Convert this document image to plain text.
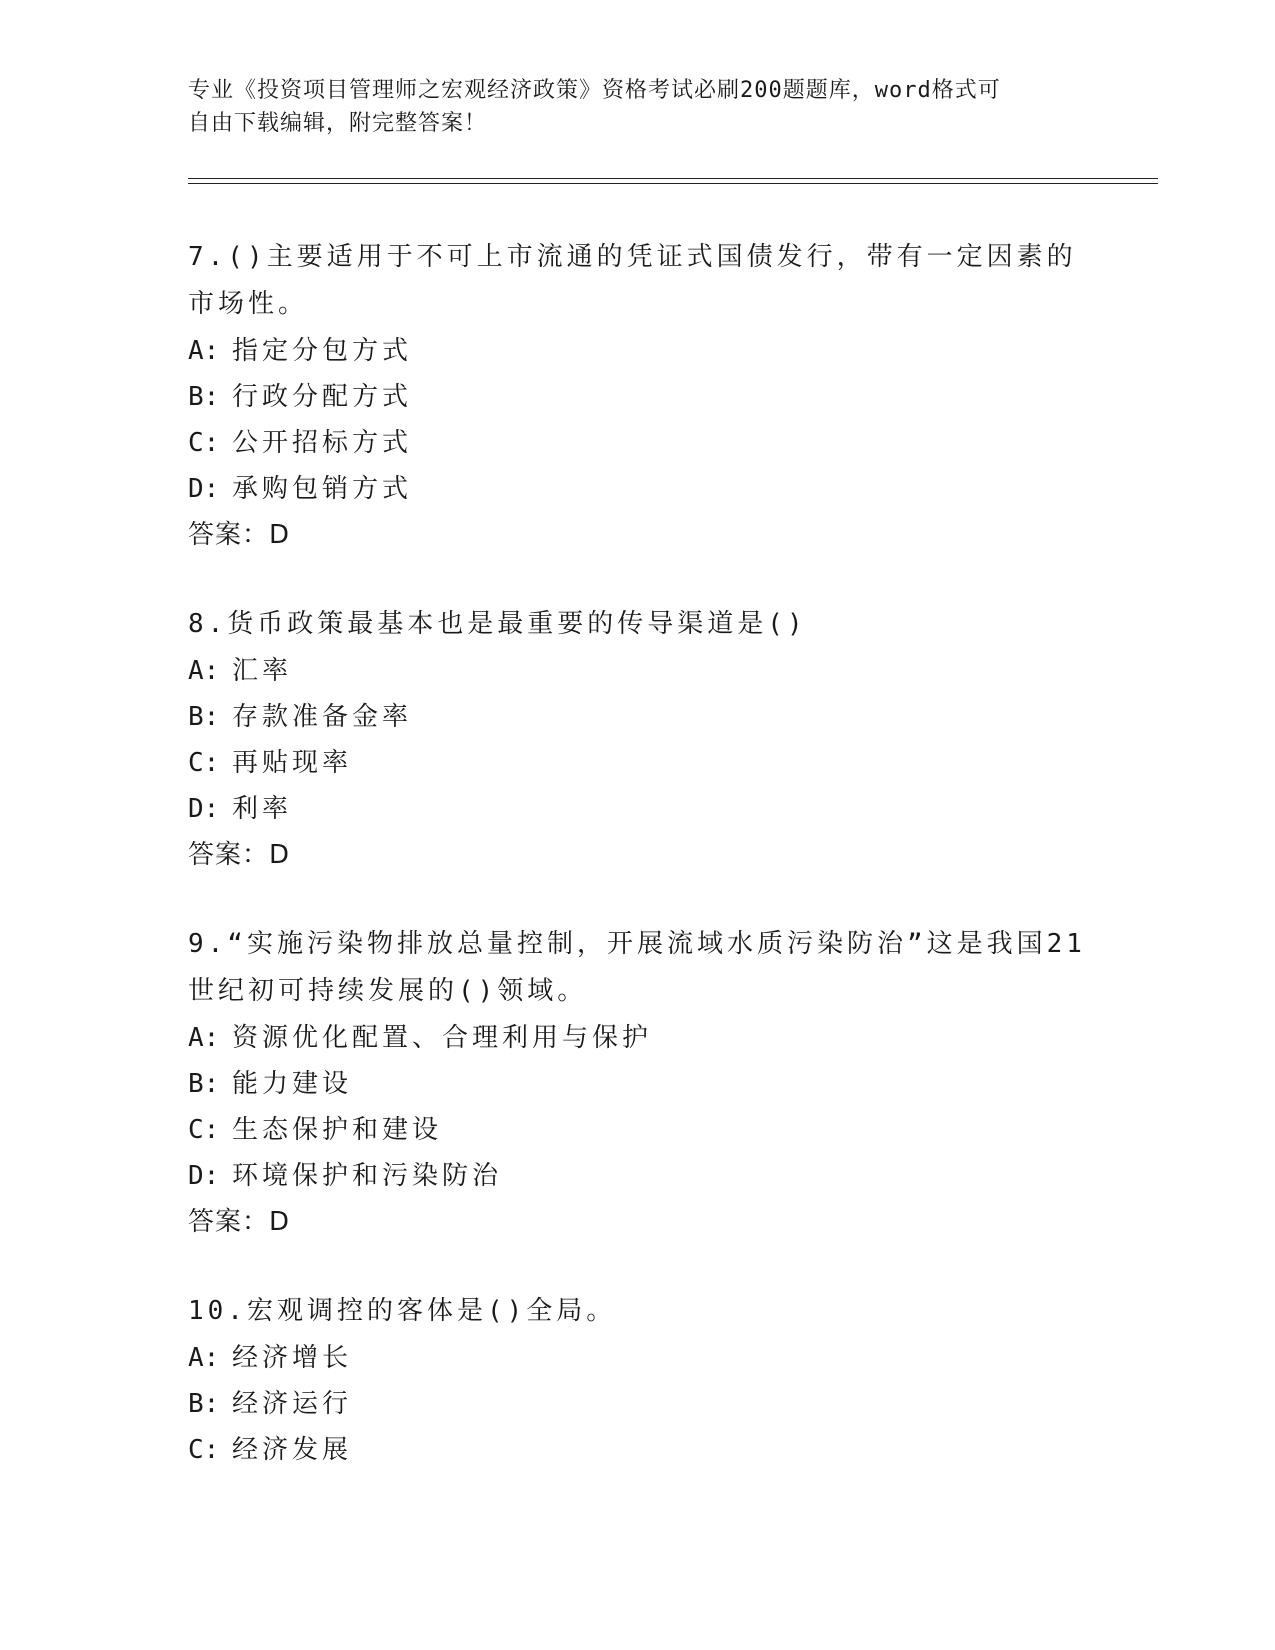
专业《投资项目管理师之宏观经济政策》资格考试必刷200题题库，word格式可
自由下载编辑，附完整答案！

7.()主要适用于不可上市流通的凭证式国债发行，带有一定因素的市场性。

A: 指定分包方式

B: 行政分配方式

C: 公开招标方式

D: 承购包销方式

答案：D

8.货币政策最基本也是最重要的传导渠道是()

A: 汇率

B: 存款准备金率

C: 再贴现率

D: 利率

答案：D

9.“实施污染物排放总量控制，开展流域水质污染防治”这是我国21世纪初可持续发展的()领域。

A: 资源优化配置、合理利用与保护

B: 能力建设

C: 生态保护和建设

D: 环境保护和污染防治

答案：D

10.宏观调控的客体是()全局。

A: 经济增长

B: 经济运行

C: 经济发展
